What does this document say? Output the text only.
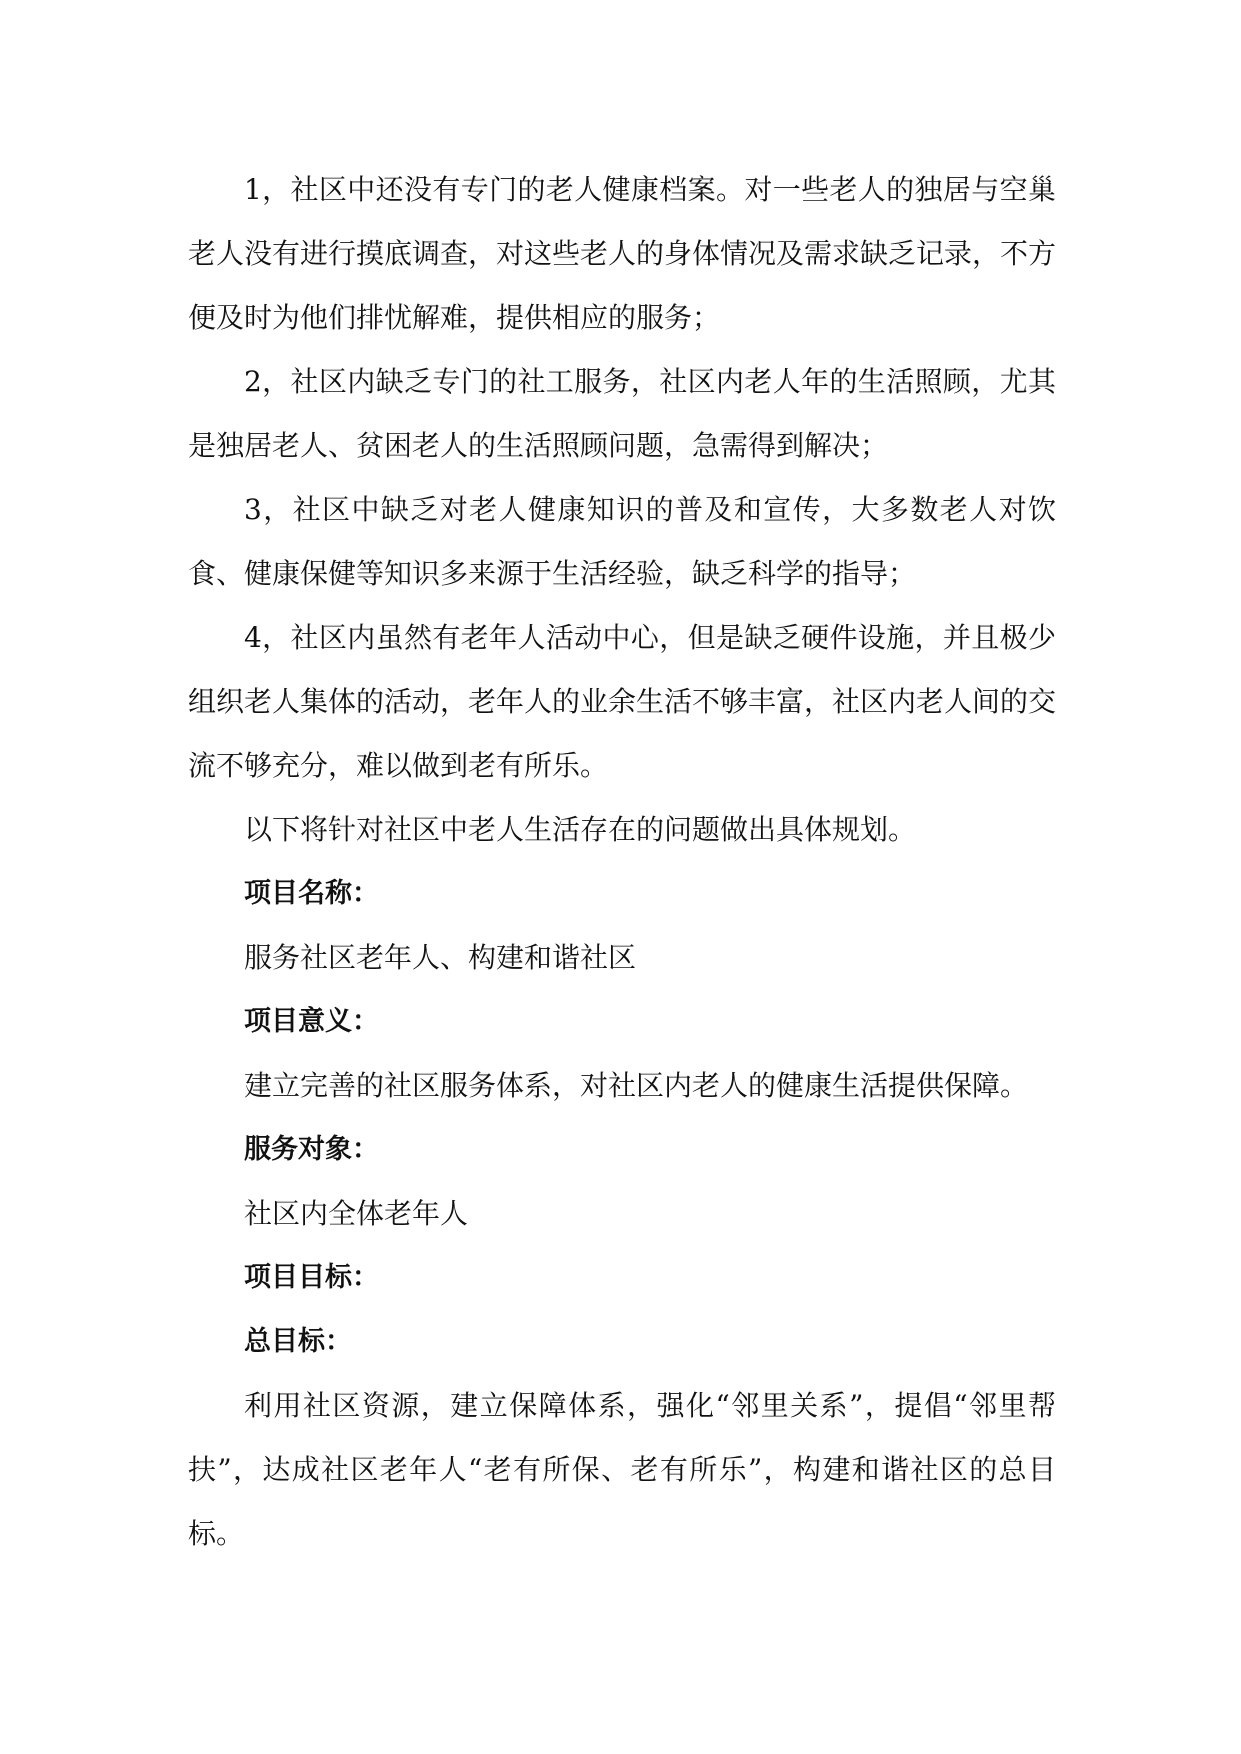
1，社区中还没有专门的老人健康档案。对一些老人的独居与空巢老人没有进行摸底调查，对这些老人的身体情况及需求缺乏记录，不方便及时为他们排忧解难，提供相应的服务；

2，社区内缺乏专门的社工服务，社区内老人年的生活照顾，尤其是独居老人、贫困老人的生活照顾问题，急需得到解决；

3，社区中缺乏对老人健康知识的普及和宣传，大多数老人对饮食、健康保健等知识多来源于生活经验，缺乏科学的指导；

4，社区内虽然有老年人活动中心，但是缺乏硬件设施，并且极少组织老人集体的活动，老年人的业余生活不够丰富，社区内老人间的交流不够充分，难以做到老有所乐。

以下将针对社区中老人生活存在的问题做出具体规划。

项目名称：

服务社区老年人、构建和谐社区

项目意义：

建立完善的社区服务体系，对社区内老人的健康生活提供保障。

服务对象：

社区内全体老年人

项目目标：

总目标：

利用社区资源，建立保障体系，强化“邻里关系”，提倡“邻里帮扶”，达成社区老年人“老有所保、老有所乐”，构建和谐社区的总目标。
